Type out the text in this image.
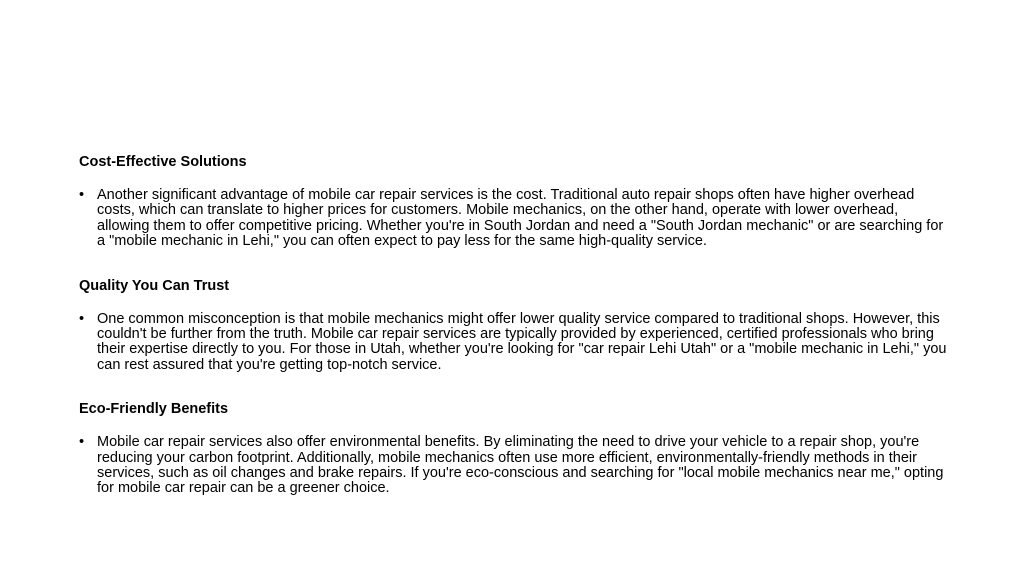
Cost-Effective Solutions
• Another significant advantage of mobile car repair services is the cost. Traditional auto repair shops often have higher overhead costs, which can translate to higher prices for customers. Mobile mechanics, on the other hand, operate with lower overhead, allowing them to offer competitive pricing. Whether you're in South Jordan and need a "South Jordan mechanic" or are searching for a "mobile mechanic in Lehi," you can often expect to pay less for the same high-quality service.
Quality You Can Trust
• One common misconception is that mobile mechanics might offer lower quality service compared to traditional shops. However, this couldn't be further from the truth. Mobile car repair services are typically provided by experienced, certified professionals who bring their expertise directly to you. For those in Utah, whether you're looking for "car repair Lehi Utah" or a "mobile mechanic in Lehi," you can rest assured that you're getting top-notch service.
Eco-Friendly Benefits
• Mobile car repair services also offer environmental benefits. By eliminating the need to drive your vehicle to a repair shop, you're reducing your carbon footprint. Additionally, mobile mechanics often use more efficient, environmentally-friendly methods in their services, such as oil changes and brake repairs. If you're eco-conscious and searching for "local mobile mechanics near me," opting for mobile car repair can be a greener choice.
